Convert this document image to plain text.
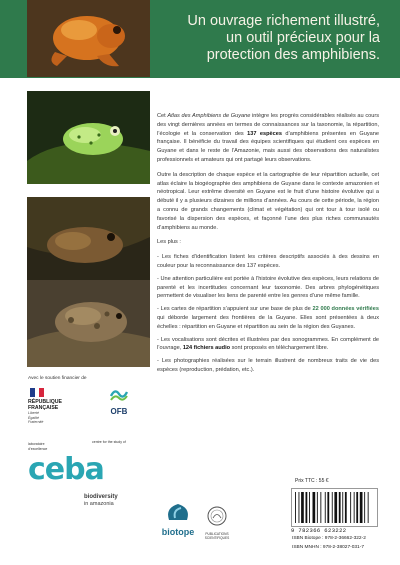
Un ouvrage richement illustré,
un outil précieux pour la
protection des amphibiens.

Cet Atlas des Amphibiens de Guyane intègre les progrès considérables réalisés au cours des vingt dernières années en termes de connaissances sur la taxonomie, la répartition, l’écologie et la conservation des 137 espèces d’amphibiens présentes en Guyane française. Il bénéficie du travail des équipes scientifiques qui étudient ces espèces en Guyane et dans le reste de l’Amazonie, mais aussi des observations des naturalistes professionnels et amateurs qui ont partagé leurs observations.

Outre la description de chaque espèce et la cartographie de leur répartition actuelle, cet atlas éclaire la biogéographie des amphibiens de Guyane dans le contexte amazonien et néotropical. Leur extrême diversité en Guyane est le fruit d’une histoire évolutive qui a débuté il y a plusieurs dizaines de millions d’années. Au cours de cette période, la région a connu de grands changements (climat et végétation) qui ont tour à tour isolé ou favorisé la dispersion des espèces, et façonné l’une des plus riches communautés d’amphibiens au monde.

Les plus :

- Les fiches d’identification listent les critères descriptifs associés à des dessins en couleur pour la reconnaissance des 137 espèces.
- Une attention particulière est portée à l’histoire évolutive des espèces, leurs relations de parenté et les incertitudes concernant leur taxonomie. Des arbres phylogénétiques permettent de visualiser les liens de parenté entre les genres d’une même famille.
- Les cartes de répartition s’appuient sur une base de plus de 22 000 données vérifiées qui déborde largement des frontières de la Guyane. Elles sont présentées à deux échelles : répartition en Guyane et répartition au sein de la région des Guyanes.
- Les vocalisations sont décrites et illustrées par des sonogrammes. En complément de l’ouvrage, 124 fichiers audio sont proposés en téléchargement libre.
- Les photographies réalisées sur le terrain illustrent de nombreux traits de vie des espèces (reproduction, prédation, etc.).
Avec le soutien financier de
RÉPUBLIQUE
FRANÇAISE
Liberté
Égalité
Fraternité
OFB
laboratoire d’excellence
centre for the study of
ceba
biodiversity
in amazonia
Prix TTC : 55 €
9 782366 623222
ISBN Biotope : 978-2-36662-322-2
ISBN MNHN : 978-2-38027-031-7
biotope	PUBLICATIONS
SCIENTIFIQUES
